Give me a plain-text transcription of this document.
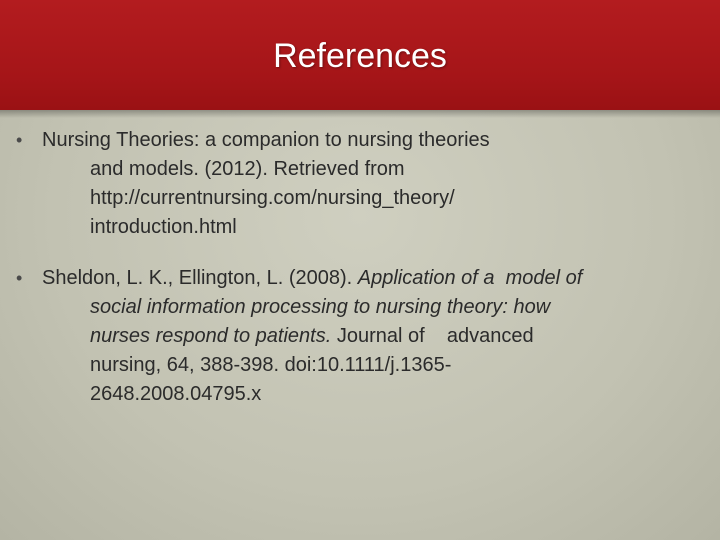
References
• Nursing Theories: a companion to nursing theories
and models. (2012). Retrieved from
http://currentnursing.com/nursing_theory/
introduction.html
• Sheldon, L. K., Ellington, L. (2008). Application of a  model of
social information processing to nursing theory: how
nurses respond to patients. Journal of    advanced
nursing, 64, 388-398. doi:10.1111/j.1365-
2648.2008.04795.x
